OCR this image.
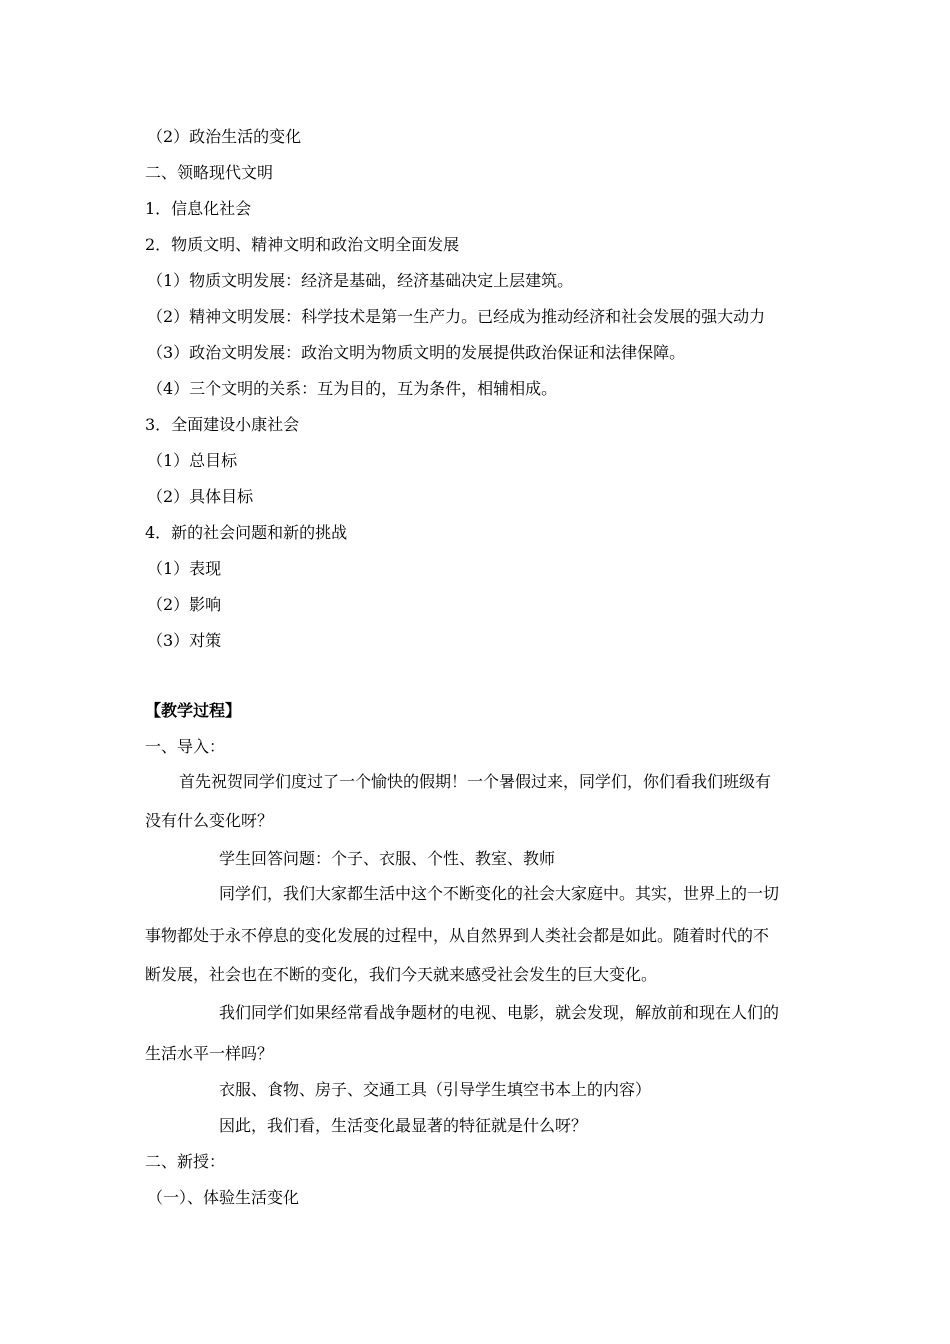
（2）政治生活的变化
二、领略现代文明
1．信息化社会
2．物质文明、精神文明和政治文明全面发展
（1）物质文明发展：经济是基础，经济基础决定上层建筑。
（2）精神文明发展：科学技术是第一生产力。已经成为推动经济和社会发展的强大动力
（3）政治文明发展：政治文明为物质文明的发展提供政治保证和法律保障。
（4）三个文明的关系：互为目的，互为条件，相辅相成。
3．全面建设小康社会
（1）总目标
（2）具体目标
4．新的社会问题和新的挑战
（1）表现
（2）影响
（3）对策
【教学过程】
一、导入：
首先祝贺同学们度过了一个愉快的假期！一个暑假过来，同学们，你们看我们班级有
没有什么变化呀？
学生回答问题：个子、衣服、个性、教室、教师
同学们，我们大家都生活中这个不断变化的社会大家庭中。其实，世界上的一切
事物都处于永不停息的变化发展的过程中，从自然界到人类社会都是如此。随着时代的不
断发展，社会也在不断的变化，我们今天就来感受社会发生的巨大变化。
我们同学们如果经常看战争题材的电视、电影，就会发现，解放前和现在人们的
生活水平一样吗？
衣服、食物、房子、交通工具（引导学生填空书本上的内容）
因此，我们看，生活变化最显著的特征就是什么呀？
二、新授：
（一）、体验生活变化
